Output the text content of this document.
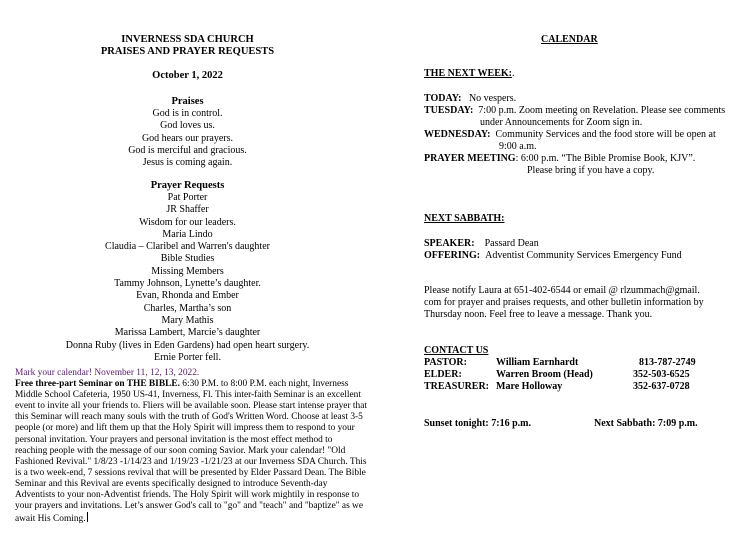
INVERNESS SDA CHURCH
PRAISES AND PRAYER REQUESTS
October 1, 2022
Praises
God is in control.
God loves us.
God hears our prayers.
God is merciful and gracious.
Jesus is coming again.
Prayer Requests
Pat Porter
JR Shaffer
Wisdom for our leaders.
Maria Lindo
Claudia – Claribel and Warren's daughter
Bible Studies
Missing Members
Tammy Johnson, Lynette’s daughter.
Evan, Rhonda and Ember
Charles, Martha’s son
Mary Mathis
Marissa Lambert, Marcie’s daughter
Donna Ruby (lives in Eden Gardens) had open heart surgery.
Ernie Porter fell.
Mark your calendar! November 11, 12, 13, 2022.
Free three-part Seminar on THE BIBLE. 6:30 P.M. to 8:00 P.M. each night, Inverness Middle School Cafeteria, 1950 US-41, Inverness, Fl. This inter-faith Seminar is an excellent event to invite all your friends to. Fliers will be available soon. Please start intense prayer that this Seminar will reach many souls with the truth of God's Written Word. Choose at least 3-5 people (or more) and lift them up that the Holy Spirit will impress them to respond to your personal invitation. Your prayers and personal invitation is the most effect method to reaching people with the message of our soon coming Savior. Mark your calendar! "Old Fashioned Revival." 1/8/23 -1/14/23 and 1/19/23 -1/21/23 at our Inverness SDA Church. This is a two week-end, 7 sessions revival that will be presented by Elder Passard Dean. The Bible Seminar and this Revival are events specifically designed to introduce Seventh-day Adventists to your non-Adventist friends. The Holy Spirit will work mightily in response to your prayers and invitations. Let’s answer God's call to "go" and "teach" and "baptize" as we await His Coming.
CALENDAR
THE NEXT WEEK:.
TODAY: No vespers.
TUESDAY: 7:00 p.m. Zoom meeting on Revelation. Please see comments
under Announcements for Zoom sign in.
WEDNESDAY: Community Services and the food store will be open at
9:00 a.m.
PRAYER MEETING: 6:00 p.m. “The Bible Promise Book, KJV”.
Please bring if you have a copy.
NEXT SABBATH:
SPEAKER: Passard Dean
OFFERING: Adventist Community Services Emergency Fund
Please notify Laura at 651-402-6544 or email @ rlzummach@gmail.
com for prayer and praises requests, and other bulletin information by
Thursday noon. Feel free to leave a message. Thank you.
CONTACT US
PASTOR:	William Earnhardt	813-787-2749
ELDER:	Warren Broom (Head)	352-503-6525
TREASURER: Mare Holloway	352-637-0728
Sunset tonight: 7:16 p.m.	Next Sabbath: 7:09 p.m.
